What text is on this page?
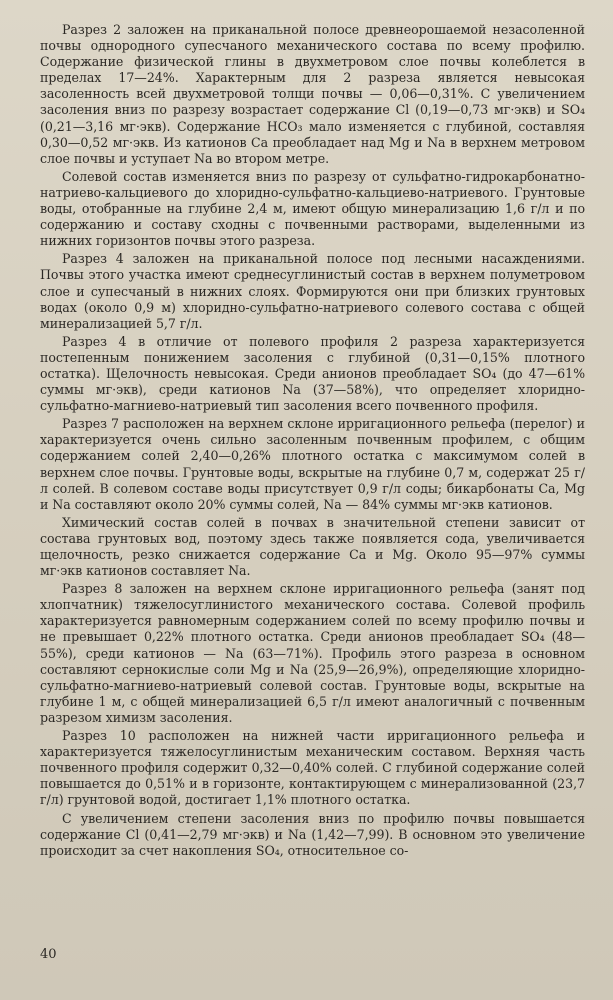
Разрез 2 заложен на приканальной полосе древнеорошаемой незасоленной почвы однородного супесчаного механического состава по всему профилю. Содержание физической глины в двухметровом слое почвы колеблется в пределах 17—24%. Характерным для 2 разреза является невысокая засоленность всей двухметровой толщи почвы — 0,06—0,31%. С увеличением засоления вниз по разрезу возрастает содержание Cl (0,19—0,73 мг·экв) и SO₄ (0,21—3,16 мг·экв). Содержание HCO₃ мало изменяется с глубиной, составляя 0,30—0,52 мг·экв. Из катионов Ca преобладает над Mg и Na в верхнем метровом слое почвы и уступает Na во втором метре.

Солевой состав изменяется вниз по разрезу от сульфатно-гидрокарбонатно-натриево-кальциевого до хлоридно-сульфатно-кальциево-натриевого. Грунтовые воды, отобранные на глубине 2,4 м, имеют общую минерализацию 1,6 г/л и по содержанию и составу сходны с почвенными растворами, выделенными из нижних горизонтов почвы этого разреза.

Разрез 4 заложен на приканальной полосе под лесными насаждениями. Почвы этого участка имеют среднесуглинистый состав в верхнем полуметровом слое и супесчаный в нижних слоях. Формируются они при близких грунтовых водах (около 0,9 м) хлоридно-сульфатно-натриевого солевого состава с общей минерализацией 5,7 г/л.

Разрез 4 в отличие от полевого профиля 2 разреза характеризуется постепенным понижением засоления с глубиной (0,31—0,15% плотного остатка). Щелочность невысокая. Среди анионов преобладает SO₄ (до 47—61% суммы мг·экв), среди катионов Na (37—58%), что определяет хлоридно-сульфатно-магниево-натриевый тип засоления всего почвенного профиля.

Разрез 7 расположен на верхнем склоне ирригационного рельефа (перелог) и характеризуется очень сильно засоленным почвенным профилем, с общим содержанием солей 2,40—0,26% плотного остатка с максимумом солей в верхнем слое почвы. Грунтовые воды, вскрытые на глубине 0,7 м, содержат 25 г/л солей. В солевом составе воды присутствует 0,9 г/л соды; бикарбонаты Ca, Mg и Na составляют около 20% суммы солей, Na — 84% суммы мг·экв катионов.

Химический состав солей в почвах в значительной степени зависит от состава грунтовых вод, поэтому здесь также появляется сода, увеличивается щелочность, резко снижается содержание Ca и Mg. Около 95—97% суммы мг·экв катионов составляет Na.

Разрез 8 заложен на верхнем склоне ирригационного рельефа (занят под хлопчатник) тяжелосуглинистого механического состава. Солевой профиль характеризуется равномерным содержанием солей по всему профилю почвы и не превышает 0,22% плотного остатка. Среди анионов преобладает SO₄ (48—55%), среди катионов — Na (63—71%). Профиль этого разреза в основном составляют сернокислые соли Mg и Na (25,9—26,9%), определяющие хлоридно-сульфатно-магниево-натриевый солевой состав. Грунтовые воды, вскрытые на глубине 1 м, с общей минерализацией 6,5 г/л имеют аналогичный с почвенным разрезом химизм засоления.

Разрез 10 расположен на нижней части ирригационного рельефа и характеризуется тяжелосуглинистым механическим составом. Верхняя часть почвенного профиля содержит 0,32—0,40% солей. С глубиной содержание солей повышается до 0,51% и в горизонте, контактирующем с минерализованной (23,7 г/л) грунтовой водой, достигает 1,1% плотного остатка.

С увеличением степени засоления вниз по профилю почвы повышается содержание Cl (0,41—2,79 мг·экв) и Na (1,42—7,99). В основном это увеличение происходит за счет накопления SO₄, относительное со-

40
